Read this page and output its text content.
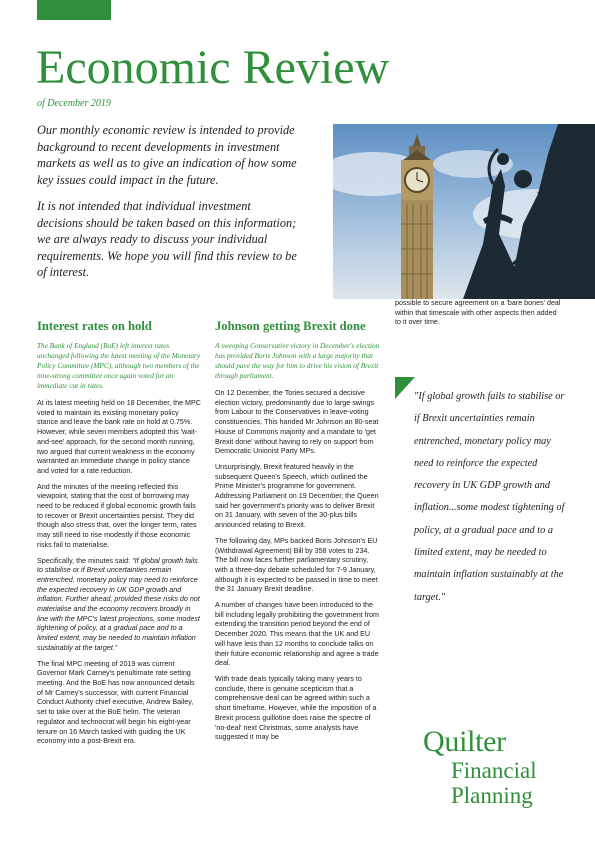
Economic Review
of December 2019

Our monthly economic review is intended to provide background to recent developments in investment markets as well as to give an indication of how some key issues could impact in the future.

It is not intended that individual investment decisions should be taken based on this information; we are always ready to discuss your individual requirements. We hope you will find this review to be of interest.

Interest rates on hold

The Bank of England (BoE) left interest rates unchanged following the latest meeting of the Monetary Policy Committee (MPC), although two members of the nine-strong committee once again voted for an immediate cut in rates.

At its latest meeting held on 18 December, the MPC voted to maintain its existing monetary policy stance and leave the bank rate on hold at 0.75%. However, while seven members adopted this 'wait-and-see' approach, for the second month running, two argued that current weakness in the economy warranted an immediate change in policy stance and voted for a rate reduction.

And the minutes of the meeting reflected this viewpoint, stating that the cost of borrowing may need to be reduced if global economic growth fails to recover or Brexit uncertainties persist. They did though also stress that, over the longer term, rates may still need to rise modestly if those economic risks fail to materialise.

Specifically, the minutes said: "If global growth fails to stabilise or if Brexit uncertainties remain entrenched, monetary policy may need to reinforce the expected recovery in UK GDP growth and inflation. Further ahead, provided these risks do not materialise and the economy recovers broadly in line with the MPC's latest projections, some modest tightening of policy, at a gradual pace and to a limited extent, may be needed to maintain inflation sustainably at the target."

The final MPC meeting of 2019 was current Governor Mark Carney's penultimate rate setting meeting. And the BoE has now announced details of Mr Carney's successor, with current Financial Conduct Authority chief executive, Andrew Bailey, set to take over at the BoE helm. The veteran regulator and technocrat will begin his eight-year tenure on 16 March tasked with guiding the UK economy into a post-Brexit era.

Johnson getting Brexit done

A sweeping Conservative victory in December's election has provided Boris Johnson with a large majority that should pave the way for him to drive his vision of Brexit through parliament.

On 12 December, the Tories secured a decisive election victory, predominantly due to large swings from Labour to the Conservatives in leave-voting constituencies. This handed Mr Johnson an 80-seat House of Commons majority and a mandate to 'get Brexit done' without having to rely on support from Democratic Unionist Party MPs.

Unsurprisingly, Brexit featured heavily in the subsequent Queen's Speech, which outlined the Prime Minister's programme for government. Addressing Parliament on 19 December, the Queen said her government's priority was to deliver Brexit on 31 January, with seven of the 30-plus bills announced relating to Brexit.

The following day, MPs backed Boris Johnson's EU (Withdrawal Agreement) Bill by 358 votes to 234. The bill now faces further parliamentary scrutiny, with a three-day debate scheduled for 7-9 January, although it is expected to be passed in time to meet the 31 January Brexit deadline.

A number of changes have been introduced to the bill including legally prohibiting the government from extending the transition period beyond the end of December 2020. This means that the UK and EU will have less than 12 months to conclude talks on their future economic relationship and agree a trade deal.

With trade deals typically taking many years to conclude, there is genuine scepticism that a comprehensive deal can be agreed within such a short timeframe. However, while the imposition of a Brexit process guillotine does raise the spectre of 'no-deal' next Christmas, some analysts have suggested it may be

possible to secure agreement on a 'bare bones' deal within that timescale with other aspects then added to it over time.

"If global growth fails to stabilise or if Brexit uncertainties remain entrenched, monetary policy may need to reinforce the expected recovery in UK GDP growth and inflation...some modest tightening of policy, at a gradual pace and to a limited extent, may be needed to maintain inflation sustainably at the target."
Quilter
Financial
Planning
